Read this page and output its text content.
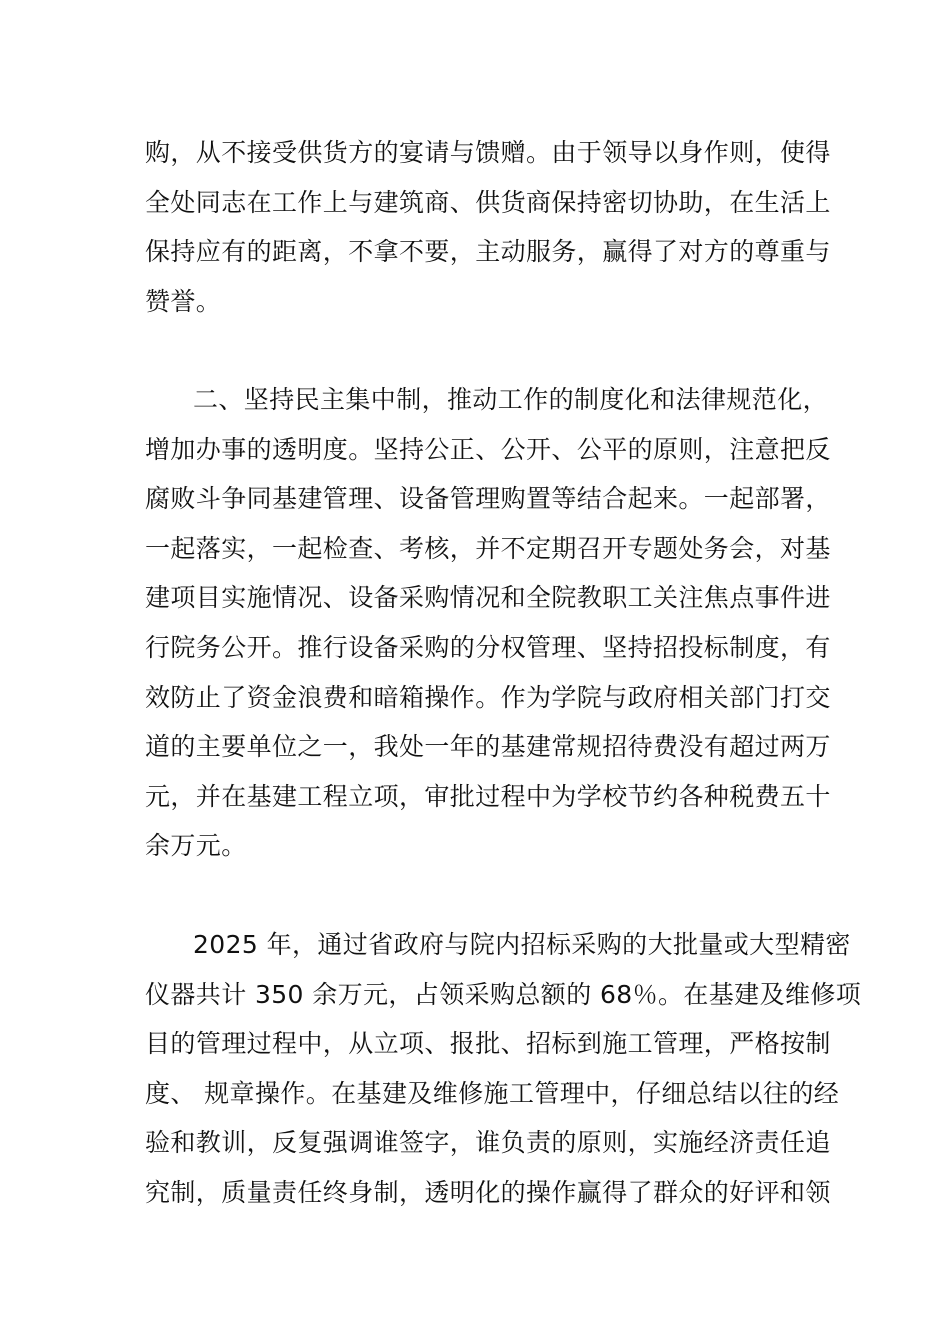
购，从不接受供货方的宴请与馈赠。由于领导以身作则，使得
全处同志在工作上与建筑商、供货商保持密切协助，在生活上
保持应有的距离，不拿不要，主动服务，赢得了对方的尊重与
赞誉。

二、坚持民主集中制，推动工作的制度化和法律规范化，
增加办事的透明度。坚持公正、公开、公平的原则，注意把反
腐败斗争同基建管理、设备管理购置等结合起来。一起部署，
一起落实，一起检查、考核，并不定期召开专题处务会，对基
建项目实施情况、设备采购情况和全院教职工关注焦点事件进
行院务公开。推行设备采购的分权管理、坚持招投标制度，有
效防止了资金浪费和暗箱操作。作为学院与政府相关部门打交
道的主要单位之一，我处一年的基建常规招待费没有超过两万
元，并在基建工程立项，审批过程中为学校节约各种税费五十
余万元。

2025 年，通过省政府与院内招标采购的大批量或大型精密
仪器共计 350 余万元，占领采购总额的 68％。在基建及维修项
目的管理过程中，从立项、报批、招标到施工管理，严格按制
度、 规章操作。在基建及维修施工管理中，仔细总结以往的经
验和教训，反复强调谁签字，谁负责的原则，实施经济责任追
究制，质量责任终身制，透明化的操作赢得了群众的好评和领
